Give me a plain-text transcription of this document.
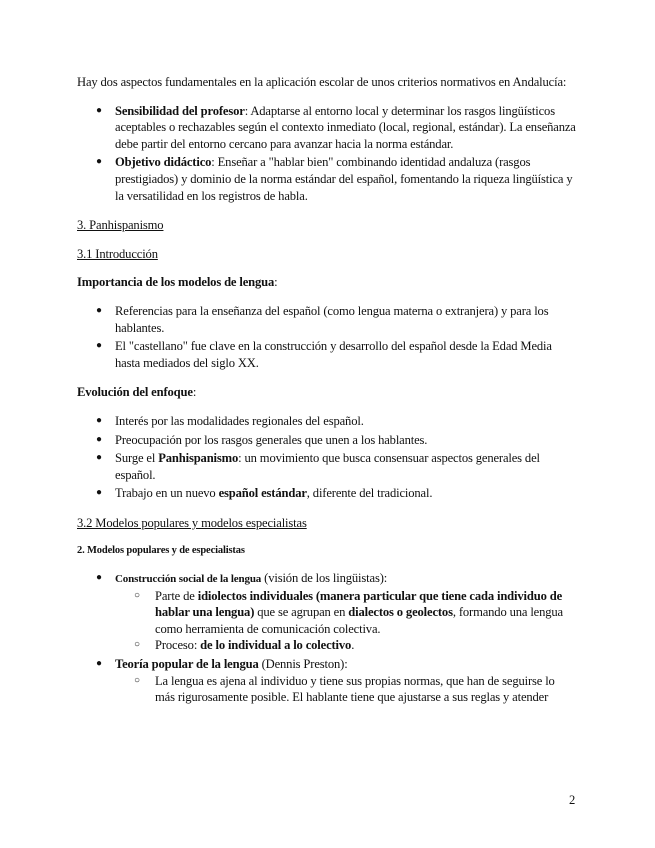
Hay dos aspectos fundamentales en la aplicación escolar de unos criterios normativos en Andalucía:

● Sensibilidad del profesor: Adaptarse al entorno local y determinar los rasgos lingüísticos aceptables o rechazables según el contexto inmediato (local, regional, estándar). La enseñanza debe partir del entorno cercano para avanzar hacia la norma estándar.
● Objetivo didáctico: Enseñar a "hablar bien" combinando identidad andaluza (rasgos prestigiados) y dominio de la norma estándar del español, fomentando la riqueza lingüística y la versatilidad en los registros de habla.

3. Panhispanismo

3.1 Introducción

Importancia de los modelos de lengua:

● Referencias para la enseñanza del español (como lengua materna o extranjera) y para los hablantes.
● El "castellano" fue clave en la construcción y desarrollo del español desde la Edad Media hasta mediados del siglo XX.

Evolución del enfoque:

● Interés por las modalidades regionales del español.
● Preocupación por los rasgos generales que unen a los hablantes.
● Surge el Panhispanismo: un movimiento que busca consensuar aspectos generales del español.
● Trabajo en un nuevo español estándar, diferente del tradicional.

3.2 Modelos populares y modelos especialistas

2. Modelos populares y de especialistas

● Construcción social de la lengua (visión de los lingüistas):
○ Parte de idiolectos individuales (manera particular que tiene cada individuo de hablar una lengua) que se agrupan en dialectos o geolectos, formando una lengua como herramienta de comunicación colectiva.
○ Proceso: de lo individual a lo colectivo.
● Teoría popular de la lengua (Dennis Preston):
○ La lengua es ajena al individuo y tiene sus propias normas, que han de seguirse lo más rigurosamente posible. El hablante tiene que ajustarse a sus reglas y atender
2
